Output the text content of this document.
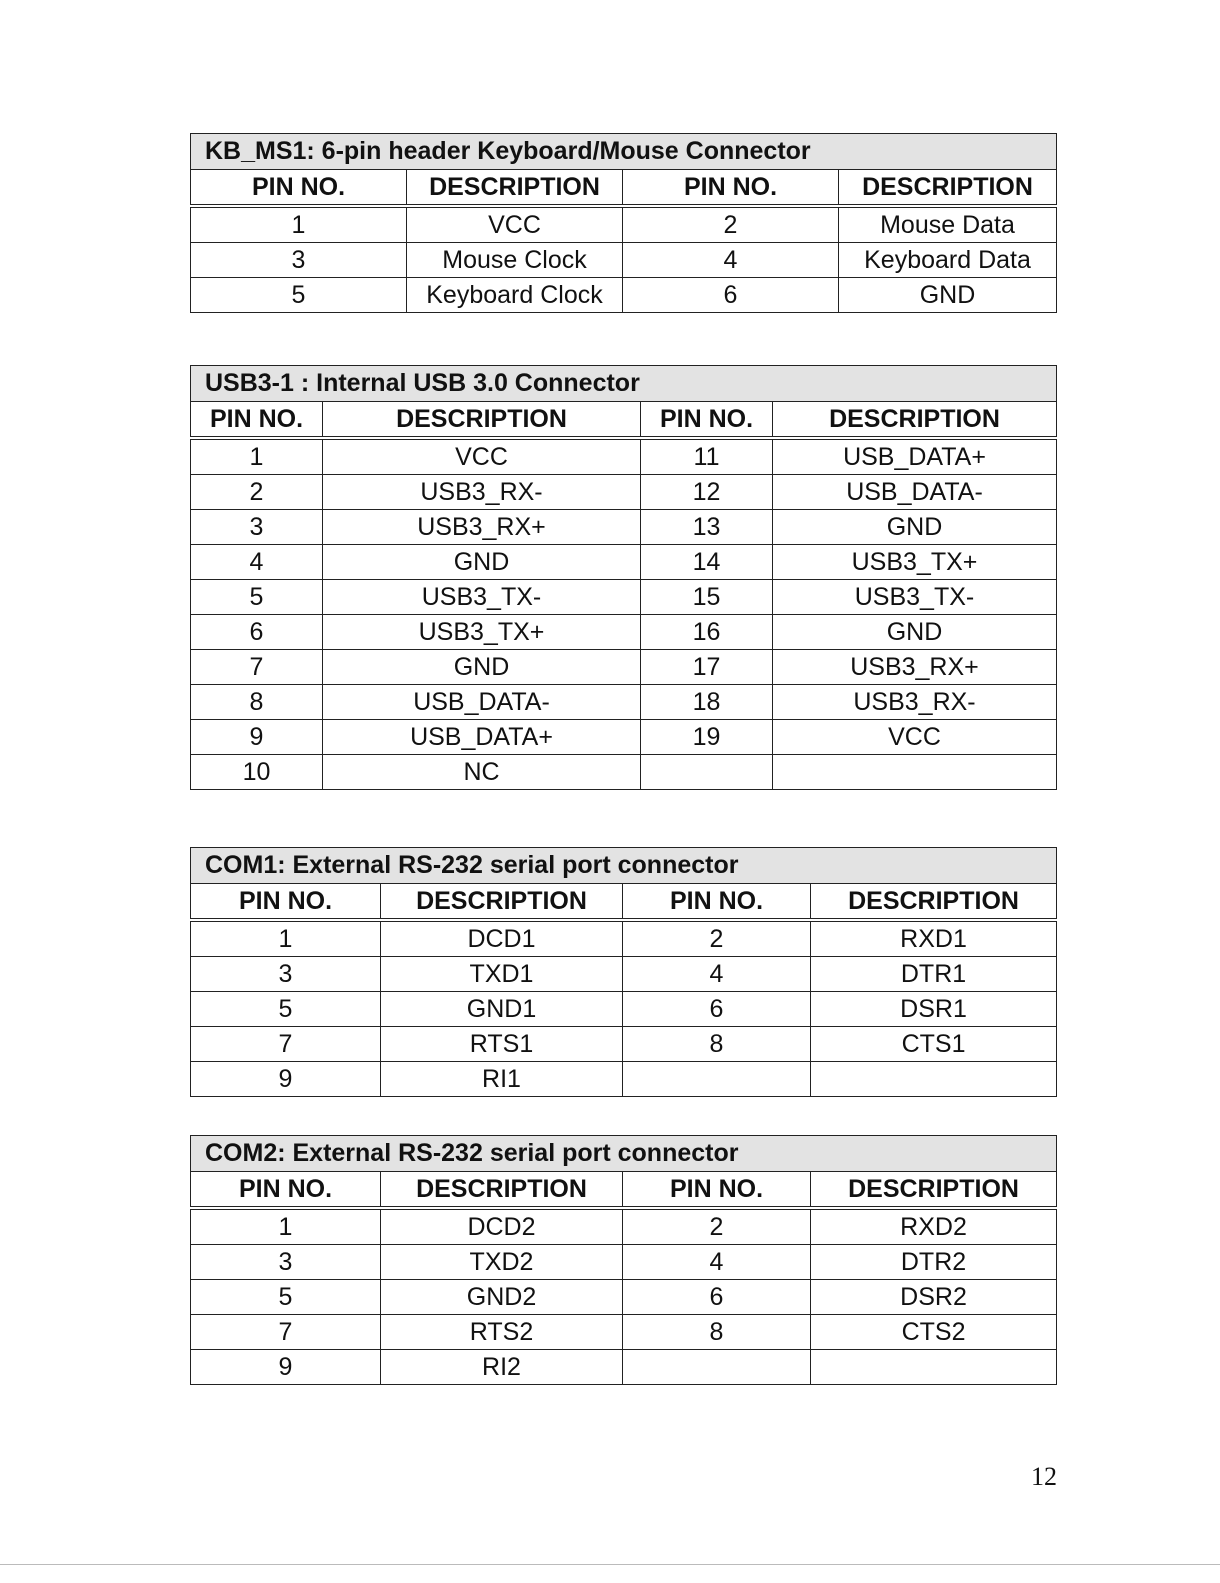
KB_MS1: 6-pin header Keyboard/Mouse Connector			
PIN NO.	DESCRIPTION	PIN NO.	DESCRIPTION
1	VCC	2	Mouse Data
3	Mouse Clock	4	Keyboard Data
5	Keyboard Clock	6	GND
USB3-1 : Internal USB 3.0 Connector			
PIN NO.	DESCRIPTION	PIN NO.	DESCRIPTION
1	VCC	11	USB_DATA+
2	USB3_RX-	12	USB_DATA-
3	USB3_RX+	13	GND
4	GND	14	USB3_TX+
5	USB3_TX-	15	USB3_TX-
6	USB3_TX+	16	GND
7	GND	17	USB3_RX+
8	USB_DATA-	18	USB3_RX-
9	USB_DATA+	19	VCC
10	NC		
COM1: External RS-232 serial port connector			
PIN NO.	DESCRIPTION	PIN NO.	DESCRIPTION
1	DCD1	2	RXD1
3	TXD1	4	DTR1
5	GND1	6	DSR1
7	RTS1	8	CTS1
9	RI1		
COM2: External RS-232 serial port connector			
PIN NO.	DESCRIPTION	PIN NO.	DESCRIPTION
1	DCD2	2	RXD2
3	TXD2	4	DTR2
5	GND2	6	DSR2
7	RTS2	8	CTS2
9	RI2		
12
